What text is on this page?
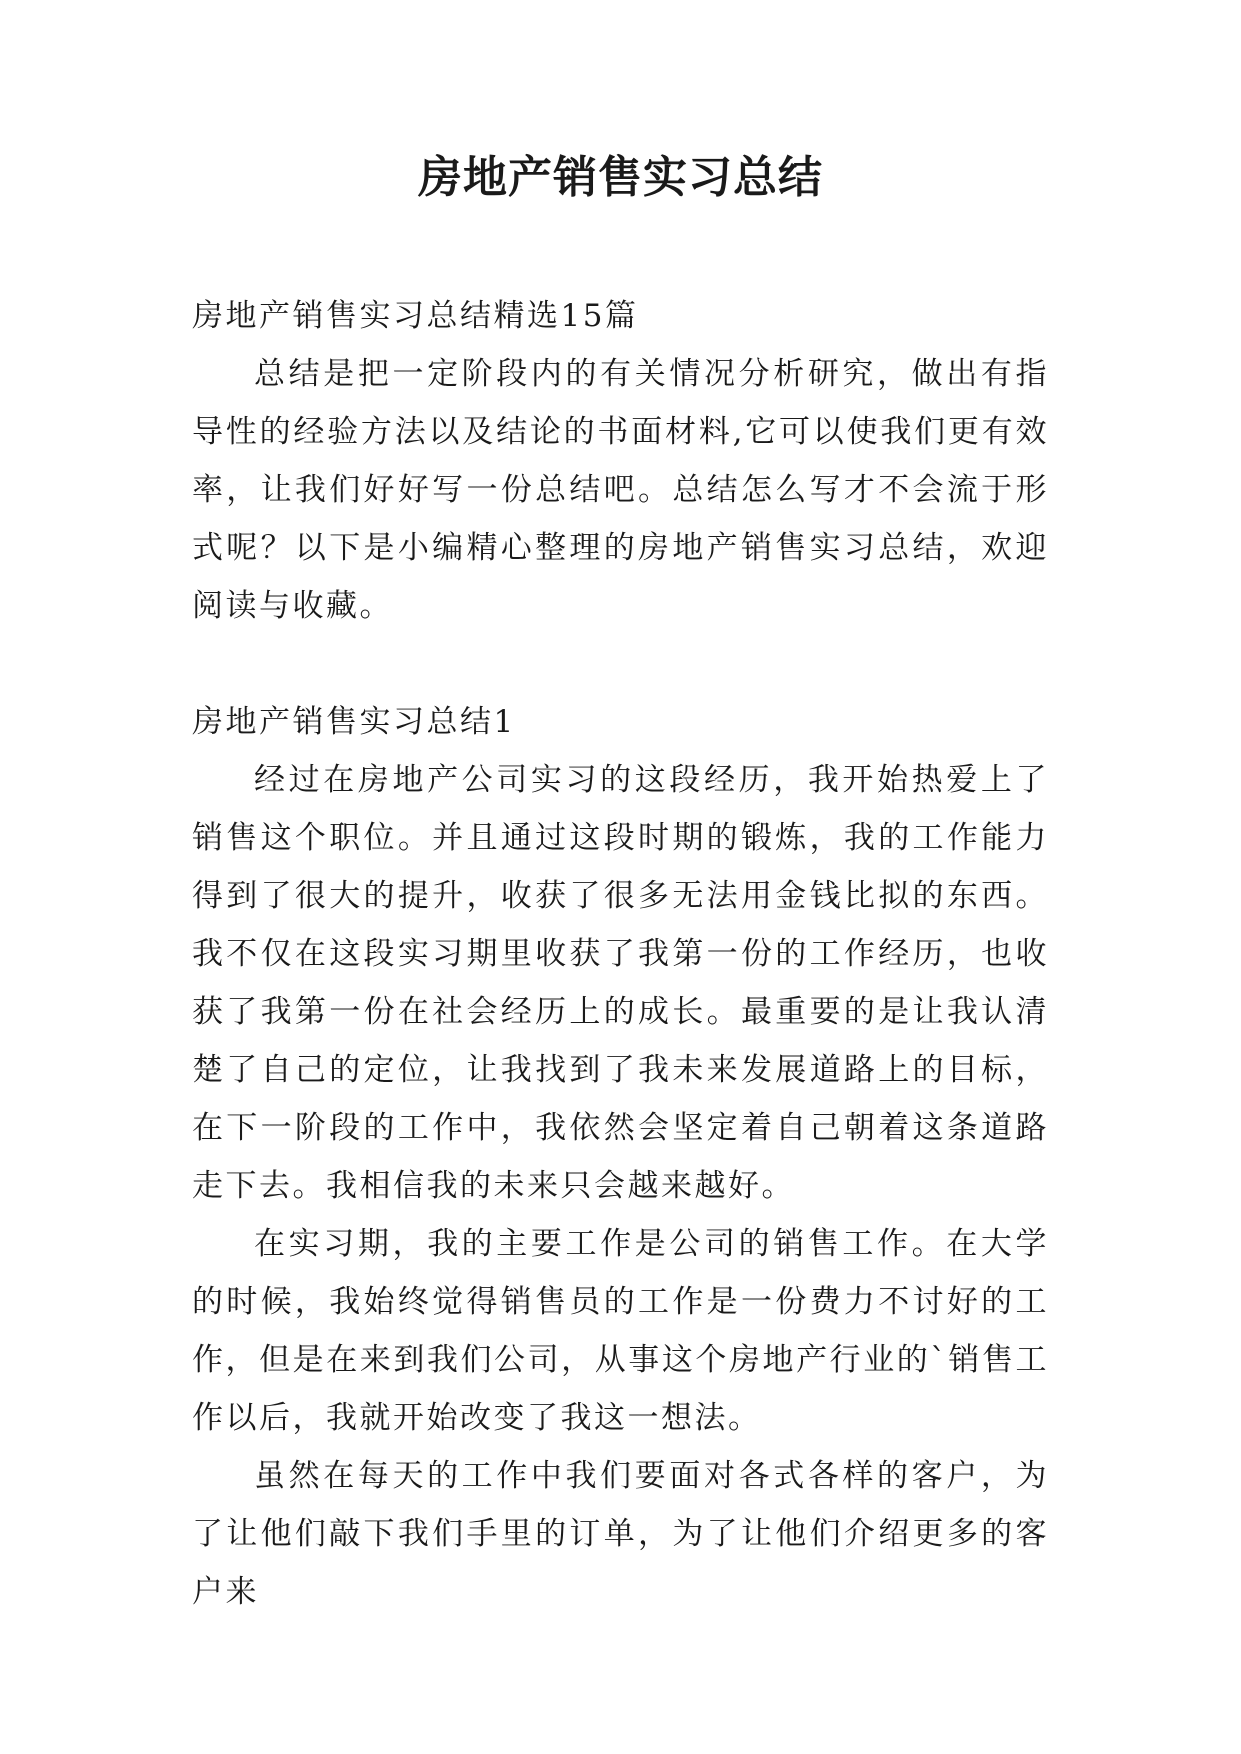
房地产销售实习总结

房地产销售实习总结精选15篇

总结是把一定阶段内的有关情况分析研究，做出有指导性的经验方法以及结论的书面材料,它可以使我们更有效率，让我们好好写一份总结吧。总结怎么写才不会流于形式呢？以下是小编精心整理的房地产销售实习总结，欢迎阅读与收藏。

房地产销售实习总结1

经过在房地产公司实习的这段经历，我开始热爱上了销售这个职位。并且通过这段时期的锻炼，我的工作能力得到了很大的提升，收获了很多无法用金钱比拟的东西。我不仅在这段实习期里收获了我第一份的工作经历，也收获了我第一份在社会经历上的成长。最重要的是让我认清楚了自己的定位，让我找到了我未来发展道路上的目标，在下一阶段的工作中，我依然会坚定着自己朝着这条道路走下去。我相信我的未来只会越来越好。

在实习期，我的主要工作是公司的销售工作。在大学的时候，我始终觉得销售员的工作是一份费力不讨好的工作，但是在来到我们公司，从事这个房地产行业的`销售工作以后，我就开始改变了我这一想法。

虽然在每天的工作中我们要面对各式各样的客户，为了让他们敲下我们手里的订单，为了让他们介绍更多的客户来
